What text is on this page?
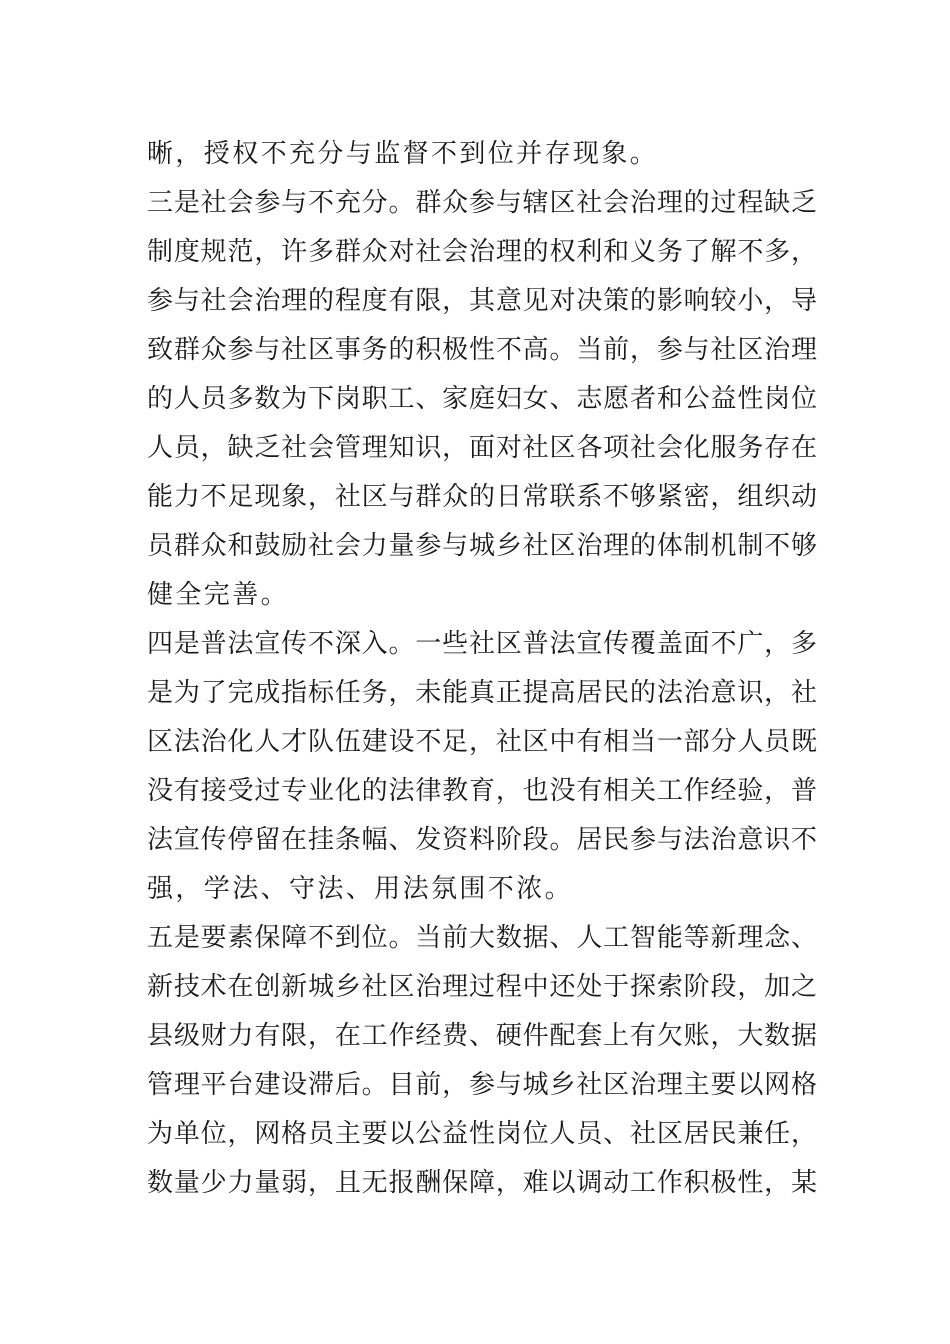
晰，授权不充分与监督不到位并存现象。
三是社会参与不充分。群众参与辖区社会治理的过程缺乏
制度规范，许多群众对社会治理的权利和义务了解不多，
参与社会治理的程度有限，其意见对决策的影响较小，导
致群众参与社区事务的积极性不高。当前，参与社区治理
的人员多数为下岗职工、家庭妇女、志愿者和公益性岗位
人员，缺乏社会管理知识，面对社区各项社会化服务存在
能力不足现象，社区与群众的日常联系不够紧密，组织动
员群众和鼓励社会力量参与城乡社区治理的体制机制不够
健全完善。
四是普法宣传不深入。一些社区普法宣传覆盖面不广，多
是为了完成指标任务，未能真正提高居民的法治意识，社
区法治化人才队伍建设不足，社区中有相当一部分人员既
没有接受过专业化的法律教育，也没有相关工作经验，普
法宣传停留在挂条幅、发资料阶段。居民参与法治意识不
强，学法、守法、用法氛围不浓。
五是要素保障不到位。当前大数据、人工智能等新理念、
新技术在创新城乡社区治理过程中还处于探索阶段，加之
县级财力有限，在工作经费、硬件配套上有欠账，大数据
管理平台建设滞后。目前，参与城乡社区治理主要以网格
为单位，网格员主要以公益性岗位人员、社区居民兼任，
数量少力量弱，且无报酬保障，难以调动工作积极性，某
